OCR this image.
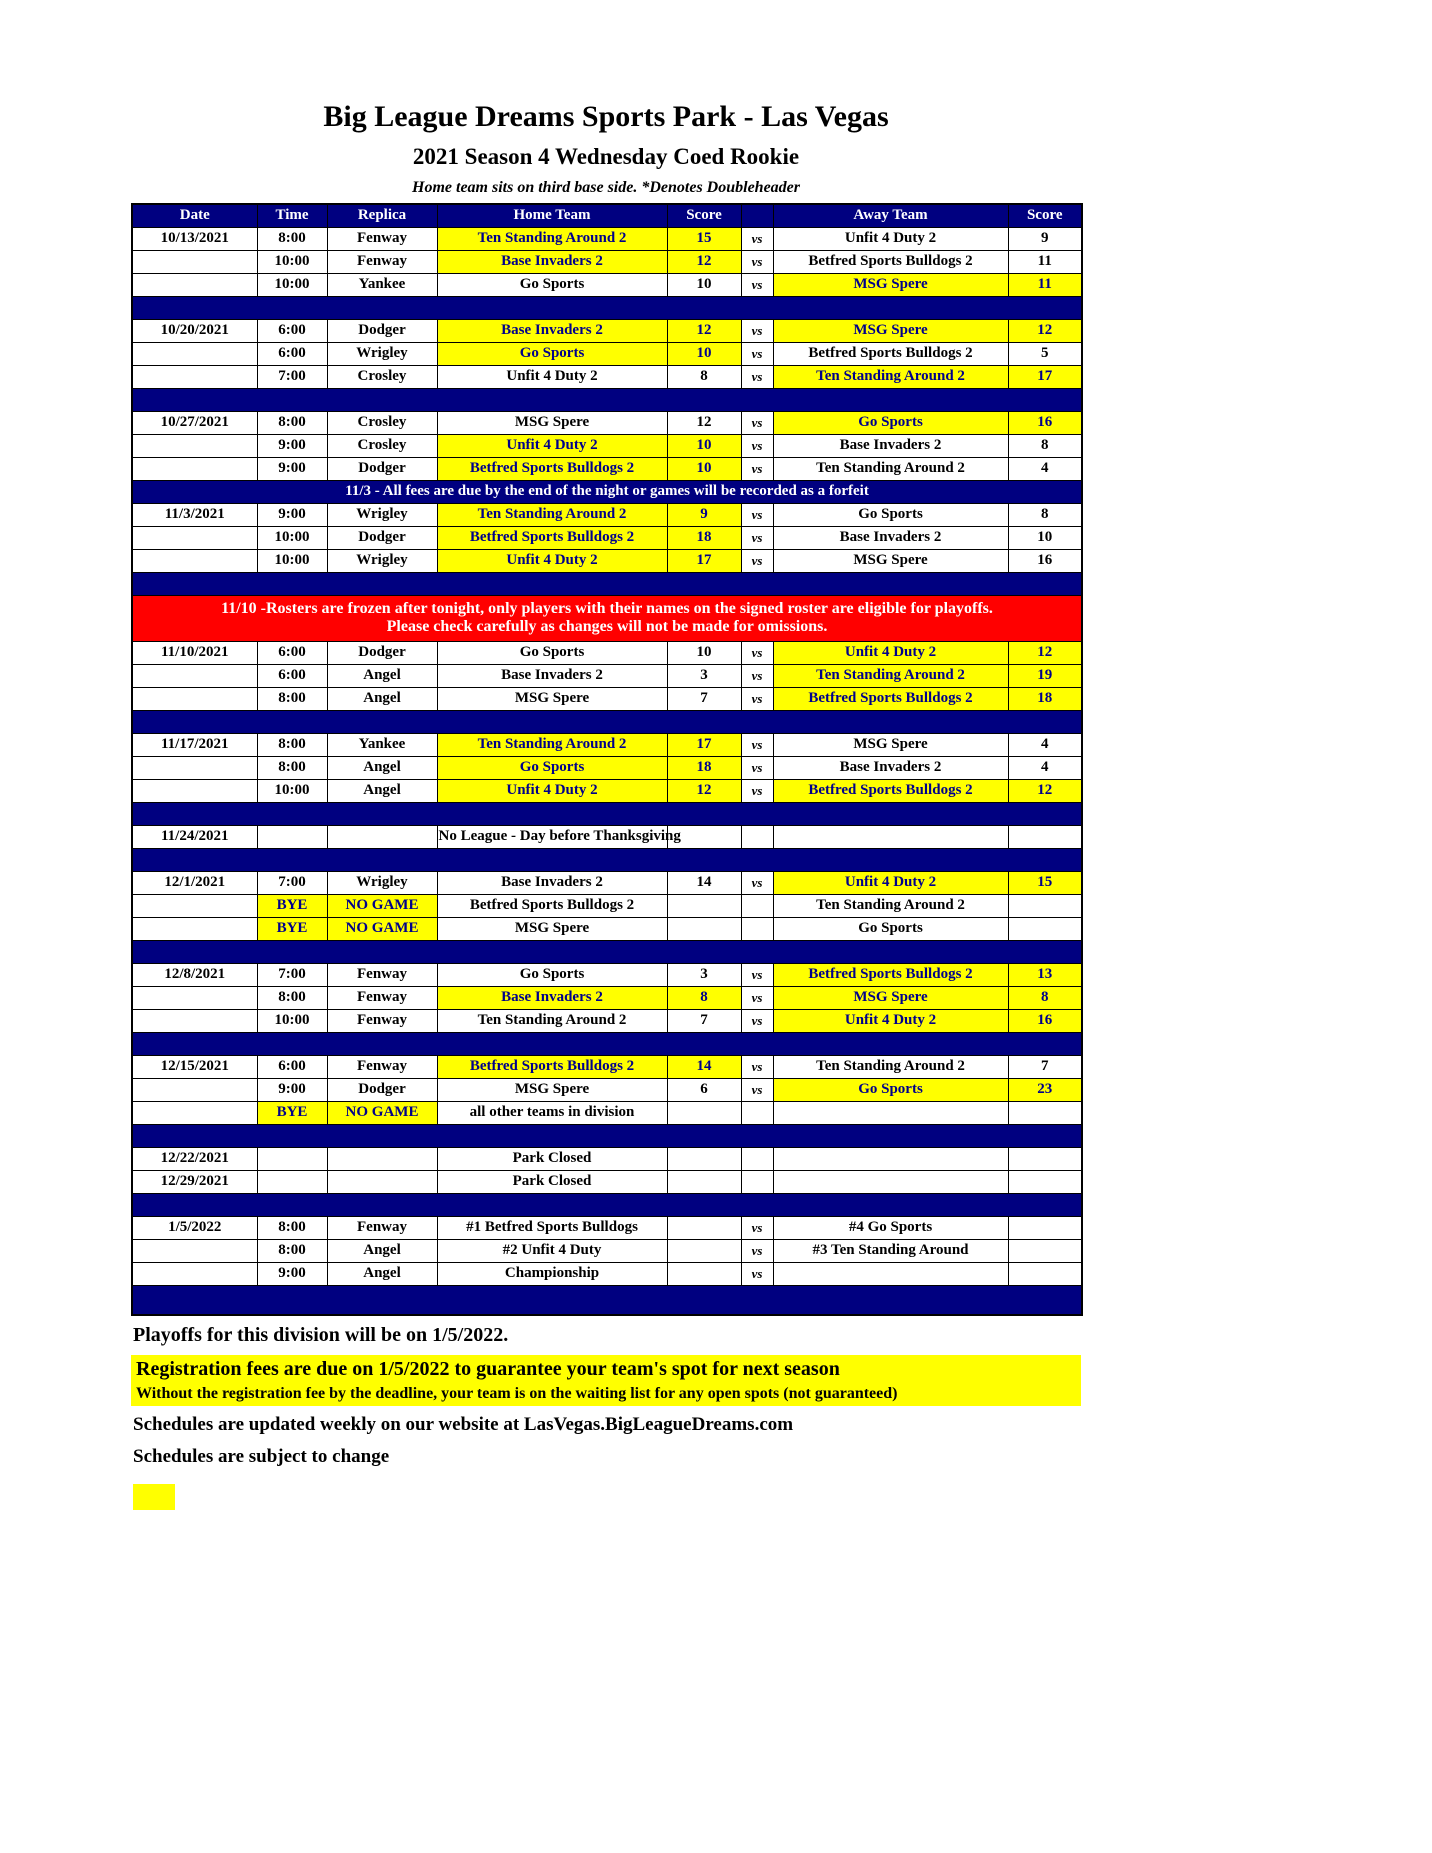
Big League Dreams Sports Park - Las Vegas
2021 Season 4 Wednesday Coed Rookie
Home team sits on third base side. *Denotes Doubleheader
Date	Time	Replica	Home Team	Score		Away Team	Score
10/13/2021	8:00	Fenway	Ten Standing Around 2	15	vs	Unfit 4 Duty 2	9
	10:00	Fenway	Base Invaders 2	12	vs	Betfred Sports Bulldogs 2	11
	10:00	Yankee	Go Sports	10	vs	MSG Spere	11

10/20/2021	6:00	Dodger	Base Invaders 2	12	vs	MSG Spere	12
	6:00	Wrigley	Go Sports	10	vs	Betfred Sports Bulldogs 2	5
	7:00	Crosley	Unfit 4 Duty 2	8	vs	Ten Standing Around 2	17

10/27/2021	8:00	Crosley	MSG Spere	12	vs	Go Sports	16
	9:00	Crosley	Unfit 4 Duty 2	10	vs	Base Invaders 2	8
	9:00	Dodger	Betfred Sports Bulldogs 2	10	vs	Ten Standing Around 2	4
11/3 - All fees are due by the end of the night or games will be recorded as a forfeit							
11/3/2021	9:00	Wrigley	Ten Standing Around 2	9	vs	Go Sports	8
	10:00	Dodger	Betfred Sports Bulldogs 2	18	vs	Base Invaders 2	10
	10:00	Wrigley	Unfit 4 Duty 2	17	vs	MSG Spere	16

11/10 -Rosters are frozen after tonight, only players with their names on the signed roster are eligible for playoffs.
Please check carefully as changes will not be made for omissions.							

11/10/2021	6:00	Dodger	Go Sports	10	vs	Unfit 4 Duty 2	12
	6:00	Angel	Base Invaders 2	3	vs	Ten Standing Around 2	19
	8:00	Angel	MSG Spere	7	vs	Betfred Sports Bulldogs 2	18

11/17/2021	8:00	Yankee	Ten Standing Around 2	17	vs	MSG Spere	4
	8:00	Angel	Go Sports	18	vs	Base Invaders 2	4
	10:00	Angel	Unfit 4 Duty 2	12	vs	Betfred Sports Bulldogs 2	12

11/24/2021			No League - Day before Thanksgiving				

12/1/2021	7:00	Wrigley	Base Invaders 2	14	vs	Unfit 4 Duty 2	15
	BYE	NO GAME	Betfred Sports Bulldogs 2			Ten Standing Around 2	
	BYE	NO GAME	MSG Spere			Go Sports	

12/8/2021	7:00	Fenway	Go Sports	3	vs	Betfred Sports Bulldogs 2	13
	8:00	Fenway	Base Invaders 2	8	vs	MSG Spere	8
	10:00	Fenway	Ten Standing Around 2	7	vs	Unfit 4 Duty 2	16

12/15/2021	6:00	Fenway	Betfred Sports Bulldogs 2	14	vs	Ten Standing Around 2	7
	9:00	Dodger	MSG Spere	6	vs	Go Sports	23
	BYE	NO GAME	all other teams in division				

12/22/2021			Park Closed				
12/29/2021			Park Closed				

1/5/2022	8:00	Fenway	#1 Betfred Sports Bulldogs		vs	#4 Go Sports	
	8:00	Angel	#2 Unfit 4 Duty		vs	#3 Ten Standing Around	
	9:00	Angel	Championship		vs		

Playoffs for this division will be on 1/5/2022.
Registration fees are due on 1/5/2022 to guarantee your team's spot for next season
Without the registration fee by the deadline, your team is on the waiting list for any open spots (not guaranteed)
Schedules are updated weekly on our website at LasVegas.BigLeagueDreams.com
Schedules are subject to change
